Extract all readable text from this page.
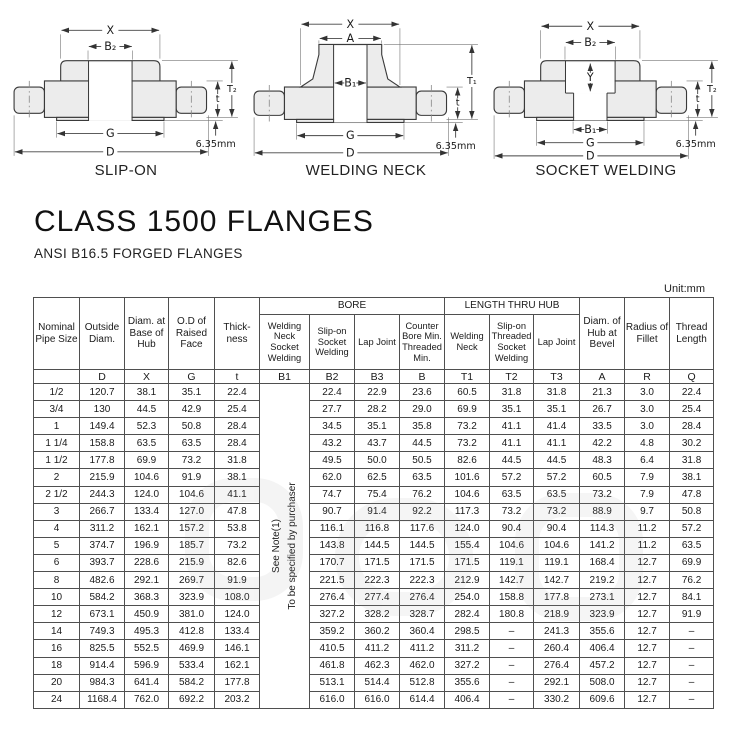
X
B₂
G
D
t
T₂
6.35mm
SLIP-ON
X
A
B₁
G
D
t
T₁
6.35mm
WELDING NECK
X
B₂
Y
B₁
G
D
t
T₂
6.35mm
SOCKET WELDING
CLASS 1500 FLANGES
ANSI B16.5 FORGED FLANGES
Unit:mm
Nominal Pipe Size	Outside Diam.	Diam. at Base of Hub	O.D of Raised Face	Thick-ness	BORE				LENGTH THRU HUB			Diam. of Hub at Bevel	Radius of Fillet	Thread Length
					Welding Neck Socket Welding	Slip-on Socket Welding	Lap Joint	Counter Bore Min. Threaded Min.	Welding Neck	Slip-on Threaded Socket Welding	Lap Joint			
	D	X	G	t	B1	B2	B3	B	T1	T2	T3	A	R	Q
1/2	120.7	38.1	35.1	22.4	See Note(1) To be specified by purchaser	22.4	22.9	23.6	60.5	31.8	31.8	21.3	3.0	22.4
3/4	130	44.5	42.9	25.4		27.7	28.2	29.0	69.9	35.1	35.1	26.7	3.0	25.4
1	149.4	52.3	50.8	28.4		34.5	35.1	35.8	73.2	41.1	41.4	33.5	3.0	28.4
1 1/4	158.8	63.5	63.5	28.4		43.2	43.7	44.5	73.2	41.1	41.1	42.2	4.8	30.2
1 1/2	177.8	69.9	73.2	31.8		49.5	50.0	50.5	82.6	44.5	44.5	48.3	6.4	31.8
2	215.9	104.6	91.9	38.1		62.0	62.5	63.5	101.6	57.2	57.2	60.5	7.9	38.1
2 1/2	244.3	124.0	104.6	41.1		74.7	75.4	76.2	104.6	63.5	63.5	73.2	7.9	47.8
3	266.7	133.4	127.0	47.8		90.7	91.4	92.2	117.3	73.2	73.2	88.9	9.7	50.8
4	311.2	162.1	157.2	53.8		116.1	116.8	117.6	124.0	90.4	90.4	114.3	11.2	57.2
5	374.7	196.9	185.7	73.2		143.8	144.5	144.5	155.4	104.6	104.6	141.2	11.2	63.5
6	393.7	228.6	215.9	82.6		170.7	171.5	171.5	171.5	119.1	119.1	168.4	12.7	69.9
8	482.6	292.1	269.7	91.9		221.5	222.3	222.3	212.9	142.7	142.7	219.2	12.7	76.2
10	584.2	368.3	323.9	108.0		276.4	277.4	276.4	254.0	158.8	177.8	273.1	12.7	84.1
12	673.1	450.9	381.0	124.0		327.2	328.2	328.7	282.4	180.8	218.9	323.9	12.7	91.9
14	749.3	495.3	412.8	133.4		359.2	360.2	360.4	298.5	–	241.3	355.6	12.7	–
16	825.5	552.5	469.9	146.1		410.5	411.2	411.2	311.2	–	260.4	406.4	12.7	–
18	914.4	596.9	533.4	162.1		461.8	462.3	462.0	327.2	–	276.4	457.2	12.7	–
20	984.3	641.4	584.2	177.8		513.1	514.4	512.8	355.6	–	292.1	508.0	12.7	–
24	1168.4	762.0	692.2	203.2		616.0	616.0	614.4	406.4	–	330.2	609.6	12.7	–
